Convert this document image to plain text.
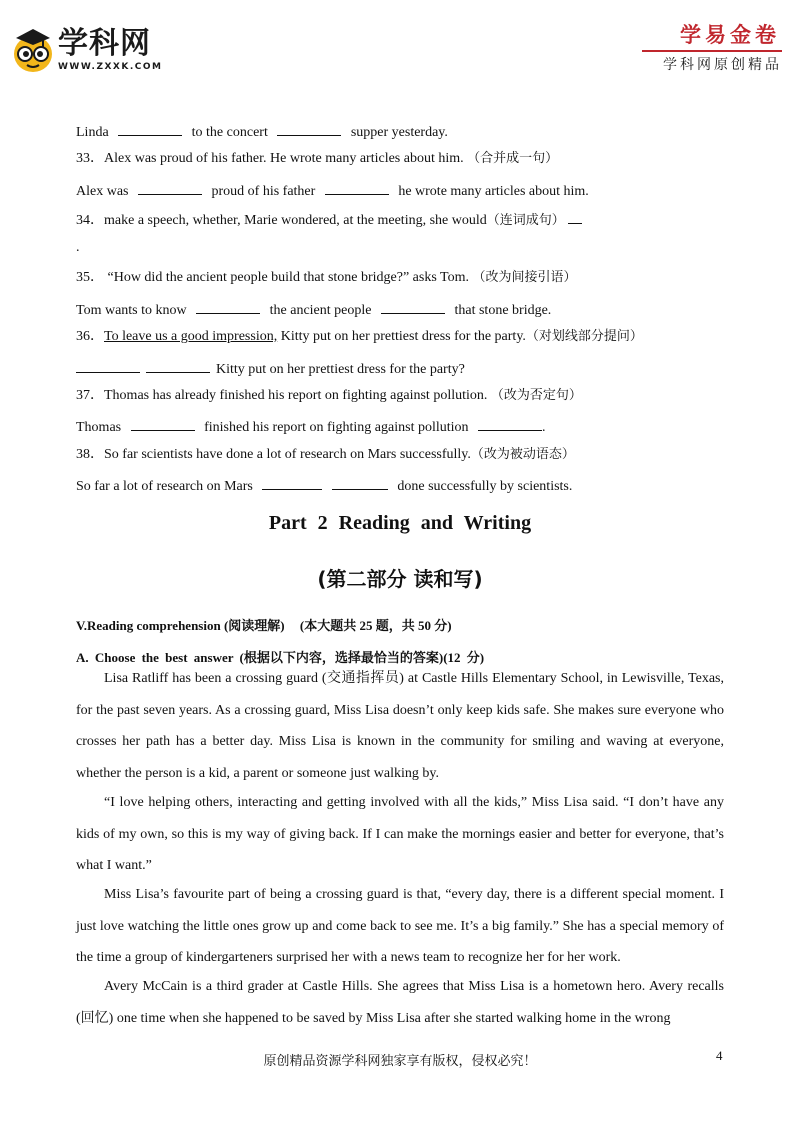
学科网
WWW.ZXXK.COM
学易金卷
学科网原创精品
Linda	to the concert	supper yesterday.
33．Alex was proud of his father. He wrote many articles about him. （合并成一句）
Alex was	proud of his father	he wrote many articles about him.
34．make a speech, whether, Marie wondered, at the meeting, she would（连词成句）
.
35． “How did the ancient people build that stone bridge?” asks Tom. （改为间接引语）
Tom wants to know	the ancient people	that stone bridge.
36．To leave us a good impression, Kitty put on her prettiest dress for the party.（对划线部分提问）
Kitty put on her prettiest dress for the party?
37．Thomas has already finished his report on fighting against pollution. （改为否定句）
Thomas	finished his report on fighting against pollution	.
38．So far scientists have done a lot of research on Mars successfully.（改为被动语态）
So far a lot of research on Mars	done successfully by scientists.
Part 2 Reading and Writing
(第二部分 读和写)
V.Reading comprehension (阅读理解) (本大题共 25 题，共 50 分)
A. Choose the best answer (根据以下内容，选择最恰当的答案)(12 分)
Lisa Ratliff has been a crossing guard (交通指挥员) at Castle Hills Elementary School, in Lewisville, Texas, for the past seven years. As a crossing guard, Miss Lisa doesn’t only keep kids safe. She makes sure everyone who crosses her path has a better day. Miss Lisa is known in the community for smiling and waving at everyone, whether the person is a kid, a parent or someone just walking by.
“I love helping others, interacting and getting involved with all the kids,” Miss Lisa said. “I don’t have any kids of my own, so this is my way of giving back. If I can make the mornings easier and better for everyone, that’s what I want.”
Miss Lisa’s favourite part of being a crossing guard is that, “every day, there is a different special moment. I just love watching the little ones grow up and come back to see me. It’s a big family.” She has a special memory of the time a group of kindergarteners surprised her with a news team to recognize her for her work.
Avery McCain is a third grader at Castle Hills. She agrees that Miss Lisa is a hometown hero. Avery recalls (回忆) one time when she happened to be saved by Miss Lisa after she started walking home in the wrong
原创精品资源学科网独家享有版权，侵权必究！	4
